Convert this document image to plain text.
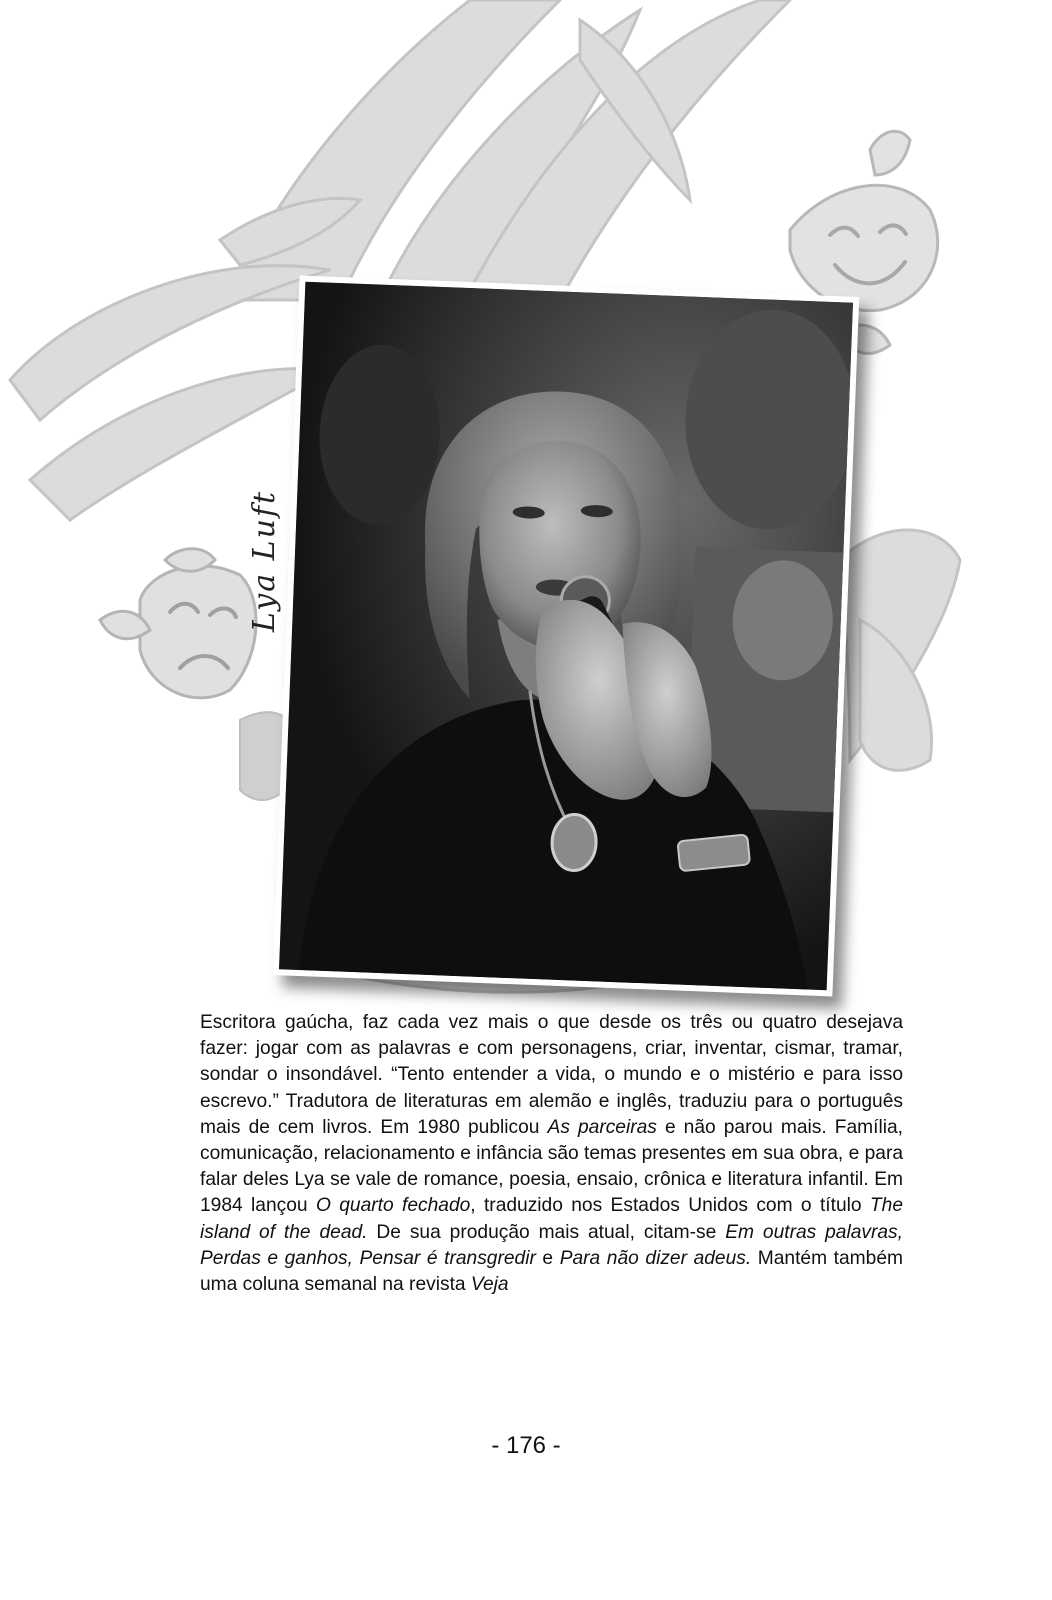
Lya Luft
Escritora gaúcha, faz cada vez mais o que desde os três ou quatro desejava fazer: jogar com as palavras e com personagens, criar, inventar, cismar, tramar, sondar o insondável. “Tento entender a vida, o mundo e o mistério e para isso escrevo.” Tradutora de literaturas em alemão e inglês, traduziu para o português mais de cem livros. Em 1980 publicou As parceiras e não parou mais. Família, comunicação, relacionamento e infância são temas presentes em sua obra, e para falar deles Lya se vale de romance, poesia, ensaio, crônica e literatura infantil. Em 1984 lançou O quarto fechado, traduzido nos Estados Unidos com o título The island of the dead. De sua produção mais atual, citam-se Em outras palavras, Perdas e ganhos, Pensar é transgredir e Para não dizer adeus. Mantém também uma coluna semanal na revista Veja
- 176 -
